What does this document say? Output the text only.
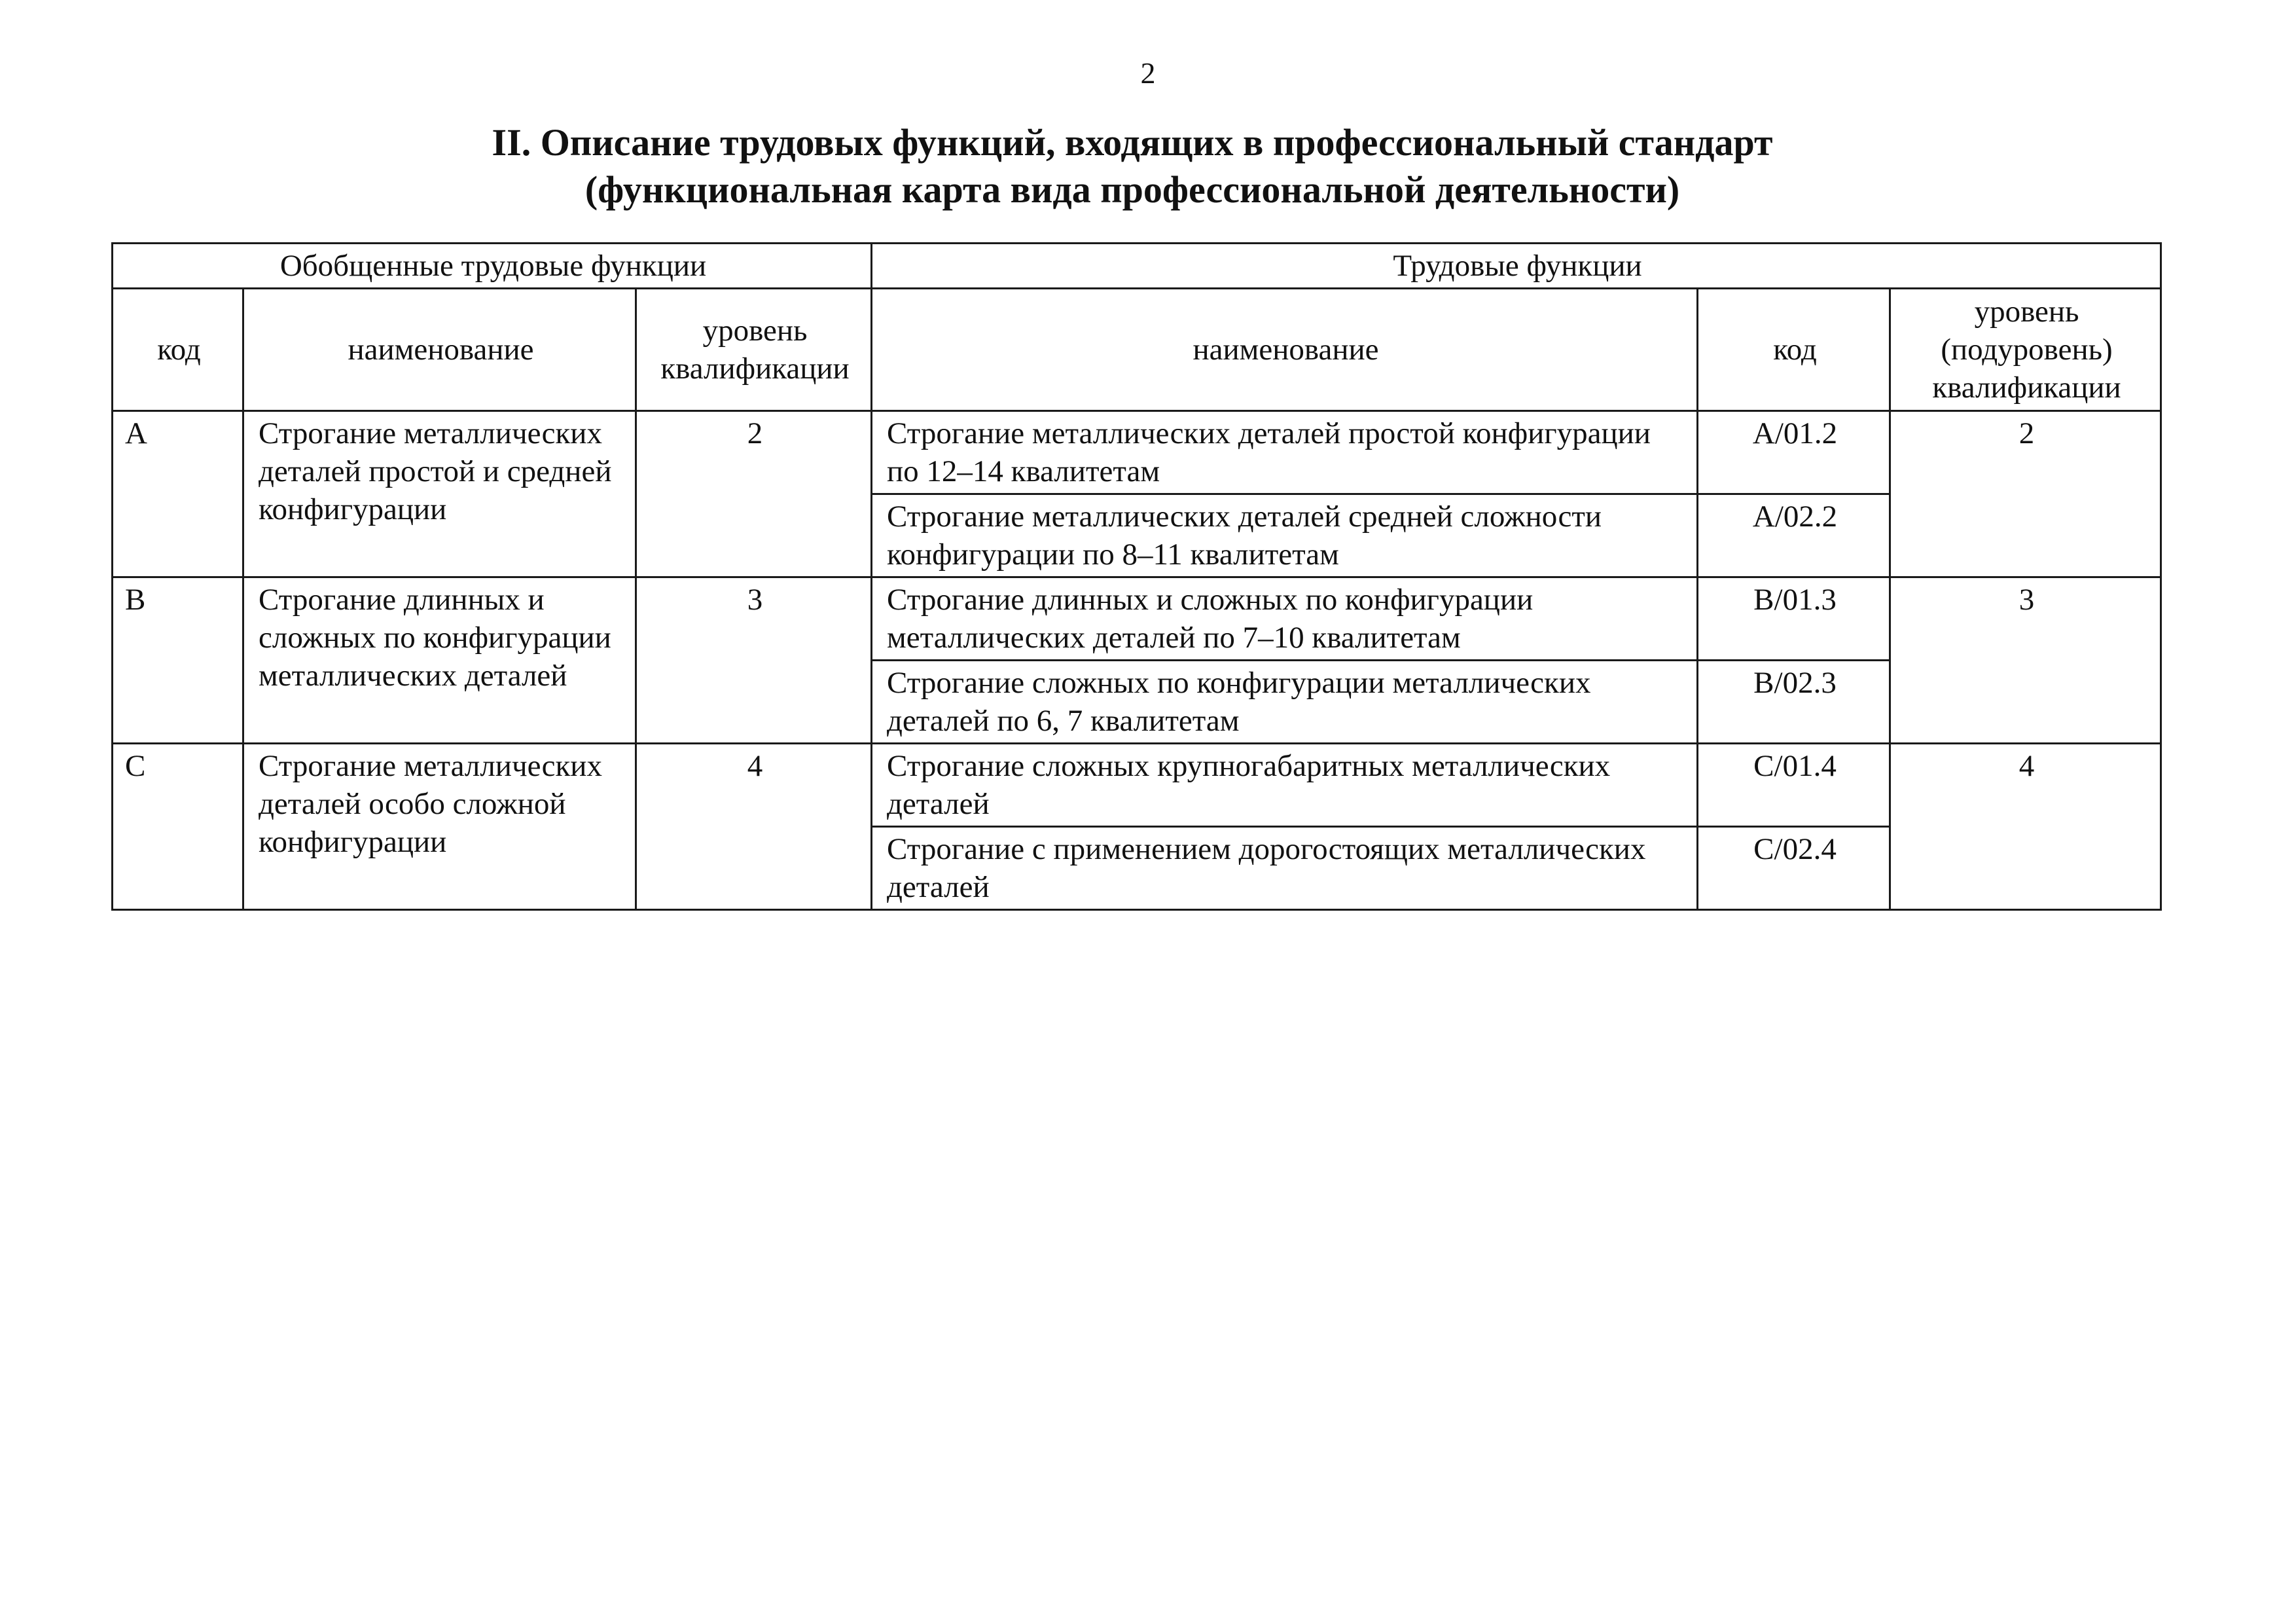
2
II. Описание трудовых функций, входящих в профессиональный стандарт
(функциональная карта вида профессиональной деятельности)
Обобщенные трудовые функции			Трудовые функции		
код	наименование	уровень квалификации	наименование	код	уровень (подуровень) квалификации
A	Строгание металлических деталей простой и средней конфигурации	2	Строгание металлических деталей простой конфигурации по 12–14 квалитетам	A/01.2	2
			Строгание металлических деталей средней сложности конфигурации по 8–11 квалитетам	A/02.2	
B	Строгание длинных и сложных по конфигурации металлических деталей	3	Строгание длинных и сложных по конфигурации металлических деталей по 7–10 квалитетам	B/01.3	3
			Строгание сложных по конфигурации металлических деталей по 6, 7 квалитетам	B/02.3	
C	Строгание металлических деталей особо сложной конфигурации	4	Строгание сложных крупногабаритных металлических деталей	C/01.4	4
			Строгание с применением дорогостоящих металлических деталей	C/02.4	
